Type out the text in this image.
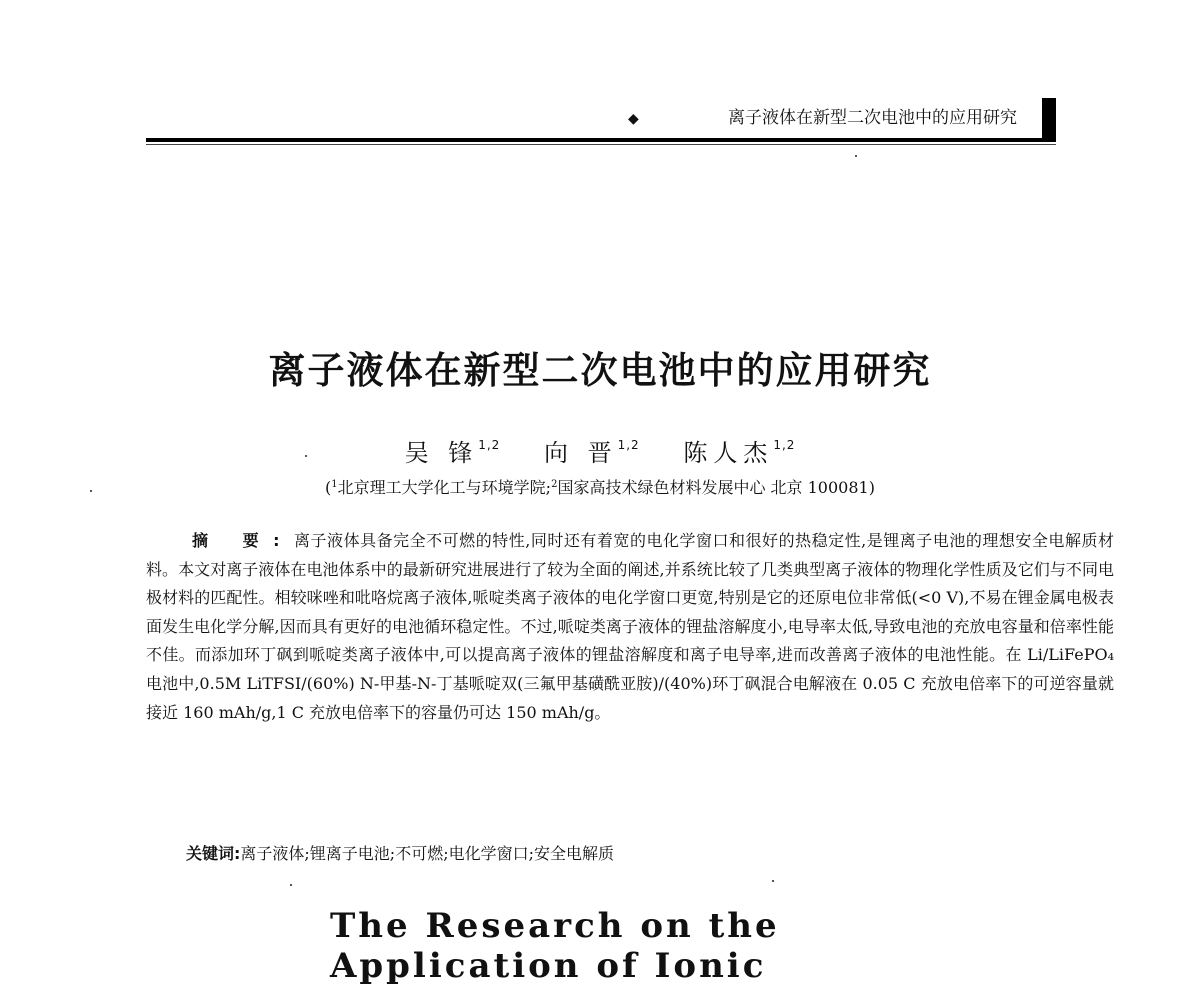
◆	离子液体在新型二次电池中的应用研究
离子液体在新型二次电池中的应用研究
吴 锋$^{1,2}$ 向 晋$^{1,2}$ 陈人杰$^{1,2}$
($^1$北京理工大学化工与环境学院;$^2$国家高技术绿色材料发展中心 北京 100081)

摘 要:离子液体具备完全不可燃的特性,同时还有着宽的电化学窗口和很好的热稳定性,是锂离子电池的理想安全电解质材料。本文对离子液体在电池体系中的最新研究进展进行了较为全面的阐述,并系统比较了几类典型离子液体的物理化学性质及它们与不同电极材料的匹配性。相较咪唑和吡咯烷离子液体,哌啶类离子液体的电化学窗口更宽,特别是它的还原电位非常低(<0 V),不易在锂金属电极表面发生电化学分解,因而具有更好的电池循环稳定性。不过,哌啶类离子液体的锂盐溶解度小,电导率太低,导致电池的充放电容量和倍率性能不佳。而添加环丁砜到哌啶类离子液体中,可以提高离子液体的锂盐溶解度和离子电导率,进而改善离子液体的电池性能。在 Li/LiFePO₄ 电池中,0.5M LiTFSI/(60%) N-甲基-N-丁基哌啶双(三氟甲基磺酰亚胺)/(40%)环丁砜混合电解液在 0.05 C 充放电倍率下的可逆容量就接近 160 mAh/g,1 C 充放电倍率下的容量仍可达 150 mAh/g。

关键词:离子液体;锂离子电池;不可燃;电化学窗口;安全电解质
The Research on the Application of Ionic
